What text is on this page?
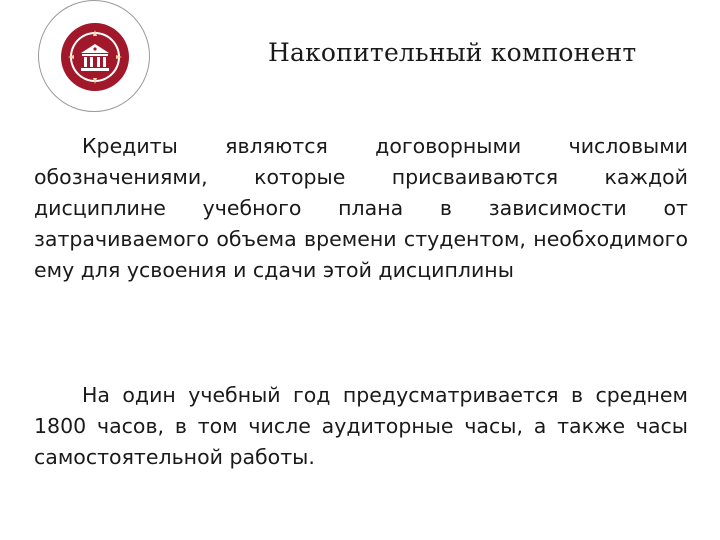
Накопительный компонент

Кредиты являются договорными числовыми обозначениями, которые присваиваются каждой дисциплине учебного плана в зависимости от затрачиваемого объема времени студентом, необходимого ему для усвоения и сдачи этой дисциплины

На один учебный год предусматривается в среднем 1800 часов, в том числе аудиторные часы, а также часы самостоятельной работы.
